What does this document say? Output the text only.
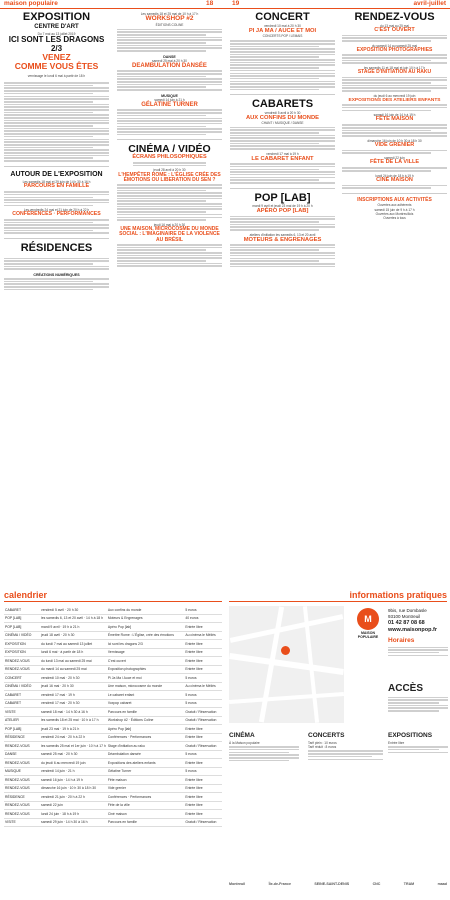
maison populaire	18	19	avril-juillet
EXPOSITION
CENTRE D'ART
Du 7 mai au 13 juillet 2019
ICI SONT LES DRAGONS 2/3
VENEZ
COMME VOUS ÊTES
vernissage le lundi 6 mai à partir de 18 h
AUTOUR DE L'EXPOSITION
Les samedis 18 mai et 29 juin de 14 h 30 à 16 h
PARCOURS EN FAMILLE
Les vendredis 24 mai et 21 juin de 20 h à 22 h
CONFÉRENCES · PERFORMANCES
RÉSIDENCES
CRÉATIONS NUMÉRIQUES
Les samedis 18 et 25 mai de 10 h à 17 h
WORKSHOP #2
ÉDITIONS COLINE
DANSE
samedi 25 mai à 20 h 30
DEAMBULATION DANSÉE
MUSIQUE
samedi 14 juin à 21 h
GÉLATINE TURNER
CINÉMA / VIDÉO
ÉCRANS PHILOSOPHIQUES
jeudi 28 avril à 20 h 30
L'HEMPÊTER ROME : L'ÉGLISE CRÉE DES ÉMOTIONS OU LIBERATION DU SEN ?
jeudi 16 mai à 20 h 30
UNE MAISON, MICROCOSME DU MONDE SOCIAL : L'IMAGINAIRE DE LA VIOLENCE AU BRÉSIL
CONCERT
vendredi 10 mai à 20 h 30
PI JA MA / AUCE ET MOI
CONCERTS POP / LEMAIS
CABARETS
vendredi 5 avril à 20 h 30
AUX CONFINS DU MONDE
CHANT / MUSIQUE / DANSE
vendredi 17 mai à 19 h
LE CABARET ENFANT
POP [LAB]
mardi 9 avril et jeudi 23 mai de 19 h à 20 h
APÉRO POP [LAB]
ateliers d'initiation les samedis 6, 13 et 20 avril
MOTEURS & ENGRENAGES
RENDEZ-VOUS
du 13 mai au 25 mai
C'EST OUVERT
du samedi 14 au samedi 25 mai
EXPOSITION PHOTOGRAPHIES
les samedis 11 et 18 mai et juin 10 h à 17 h
STAGE D'INITIATION AU RAKU
du jeudi 6 au mercredi 19 juin
EXPOSITIONS DES ATELIERS ENFANTS
samedi 16 juin de 14 h à 19 h
FÊTE MAISON
dimanche 16 juin de 10 h 30 à 18 h 30
VIDE GRENIER
samedi 22 juin
FÊTE DE LA VILLE
lundi 24 juin de 18 h à 19 h
CINÉ MAISON
INSCRIPTIONS AUX ACTIVITÉS
Ouvertes aux adhérents
samedi 15 juin de 9 h à 17 h
Ouvertes aux Montreuillois
Ouvertes à tous
calendrier
CABARET	vendredi 5 avril · 20 h 30	Aux confins du monde	5 euros
POP [LAB]	les samedis 6, 13 et 20 avril · 14 h à 18 h	Moteurs & Engrenages	40 euros
POP [LAB]	mardi 9 avril · 19 h à 21 h	Apéro Pop [lab]	Entrée libre
CINÉMA / VIDÉO	jeudi 18 avril · 20 h 30	Émettre Rome : L'Église, crée des émotions	Au cinéma le Méliès
EXPOSITION	du lundi 7 mai au samedi 13 juillet	Ici sont les dragons 2/3	Entrée libre
EXPOSITION	lundi 6 mai · à partir de 18 h	Vernissage	Entrée libre
RENDEZ-VOUS	du lundi 13 mai au samedi 25 mai	C'est ouvert	Entrée libre
RENDEZ-VOUS	du mardi 14 au samedi 25 mai	Exposition photographies	Entrée libre
CONCERT	vendredi 10 mai · 20 h 30	Pi Ja Ma / Auce et moi	5 euros
CINÉMA / VIDÉO	jeudi 16 mai · 20 h 30	Une maison, microcosme du monde	Au cinéma le Méliès
CABARET	vendredi 17 mai · 19 h	Le cabaret enfant	5 euros
CABARET	vendredi 17 mai · 20 h 30	Voxpop cabaret	5 euros
VISITE	samedi 18 mai · 14 h 30 à 16 h	Parcours en famille	Gratuit / Réservation
ATELIER	les samedis 18 et 25 mai · 10 h à 17 h	Workshop #2 · Éditions Coline	Gratuit / Réservation
POP [LAB]	jeudi 23 mai · 19 h à 21 h	Apéro Pop [lab]	Entrée libre
RÉSIDENCE	vendredi 24 mai · 20 h à 22 h	Conférences · Performances	Entrée libre
RENDEZ-VOUS	les samedis 25 mai et 1er juin · 10 h à 17 h	Stage d'initiation au raku	Gratuit / Réservation
DANSE	samedi 25 mai · 20 h 30	Déambulation dansée	5 euros
RENDEZ-VOUS	du jeudi 6 au mercredi 19 juin	Expositions des ateliers enfants	Entrée libre
MUSIQUE	vendredi 14 juin · 21 h	Gélatine Turner	5 euros
RENDEZ-VOUS	samedi 16 juin · 14 h à 19 h	Fête maison	Entrée libre
RENDEZ-VOUS	dimanche 16 juin · 10 h 30 à 18 h 30	Vide grenier	Entrée libre
RÉSIDENCE	vendredi 21 juin · 20 h à 22 h	Conférences · Performances	Entrée libre
RENDEZ-VOUS	samedi 22 juin	Fête de la ville	Entrée libre
RENDEZ-VOUS	lundi 24 juin · 18 h à 19 h	Ciné maison	Entrée libre
VISITE	samedi 29 juin · 14 h 30 à 16 h	Parcours en famille	Gratuit / Réservation
informations pratiques
M
MAISON POPULAIRE
9bis, rue Dombasle
93100 Montreuil
01 42 87 08 68
www.maisonpop.fr
Horaires
ACCÈS
EXPOSITIONS
Entrée libre
CINÉMA
À la Maison populaire
CONCERTS
Tarif plein : 10 euros
Tarif réduit : 8 euros
Montreuil	Île-de-France	SEINE-SAINT-DENIS	CNC	TRAM	maad
